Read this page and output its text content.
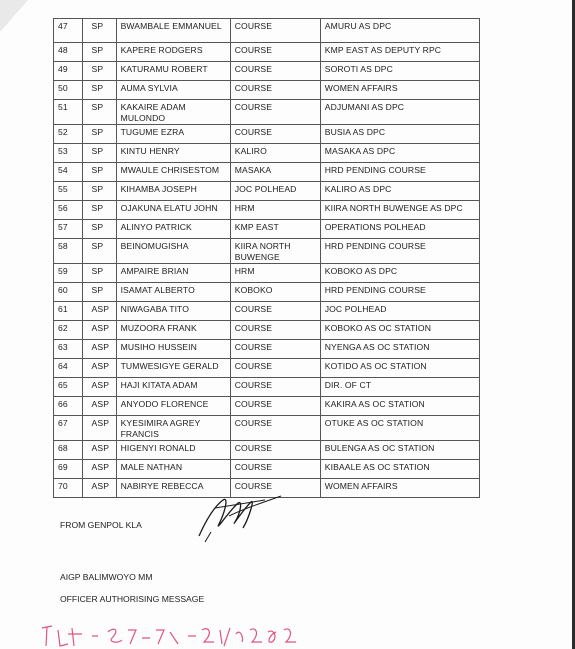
47	SP	BWAMBALE EMMANUEL	COURSE	AMURU AS DPC
48	SP	KAPERE RODGERS	COURSE	KMP EAST AS DEPUTY RPC
49	SP	KATURAMU ROBERT	COURSE	SOROTI AS DPC
50	SP	AUMA SYLVIA	COURSE	WOMEN AFFAIRS
51	SP	KAKAIRE ADAM MULONDO	COURSE	ADJUMANI AS DPC
52	SP	TUGUME EZRA	COURSE	BUSIA AS DPC
53	SP	KINTU HENRY	KALIRO	MASAKA AS DPC
54	SP	MWAULE CHRISESTOM	MASAKA	HRD PENDING COURSE
55	SP	KIHAMBA JOSEPH	JOC POLHEAD	KALIRO AS DPC
56	SP	OJAKUNA ELATU JOHN	HRM	KIIRA NORTH BUWENGE AS DPC
57	SP	ALINYO PATRICK	KMP EAST	OPERATIONS POLHEAD
58	SP	BEINOMUGISHA	KIIRA NORTH BUWENGE	HRD PENDING COURSE
59	SP	AMPAIRE BRIAN	HRM	KOBOKO AS DPC
60	SP	ISAMAT ALBERTO	KOBOKO	HRD PENDING COURSE
61	ASP	NIWAGABA TITO	COURSE	JOC POLHEAD
62	ASP	MUZOORA FRANK	COURSE	KOBOKO AS OC STATION
63	ASP	MUSIHO HUSSEIN	COURSE	NYENGA AS OC STATION
64	ASP	TUMWESIGYE GERALD	COURSE	KOTIDO AS OC STATION
65	ASP	HAJI KITATA ADAM	COURSE	DIR. OF CT
66	ASP	ANYODO FLORENCE	COURSE	KAKIRA AS OC STATION
67	ASP	KYESIMIRA AGREY FRANCIS	COURSE	OTUKE AS OC STATION
68	ASP	HIGENYI RONALD	COURSE	BULENGA AS OC STATION
69	ASP	MALE NATHAN	COURSE	KIBAALE AS OC STATION
70	ASP	NABIRYE REBECCA	COURSE	WOMEN AFFAIRS
FROM GENPOL KLA
AIGP BALIMWOYO MM
OFFICER AUTHORISING MESSAGE
